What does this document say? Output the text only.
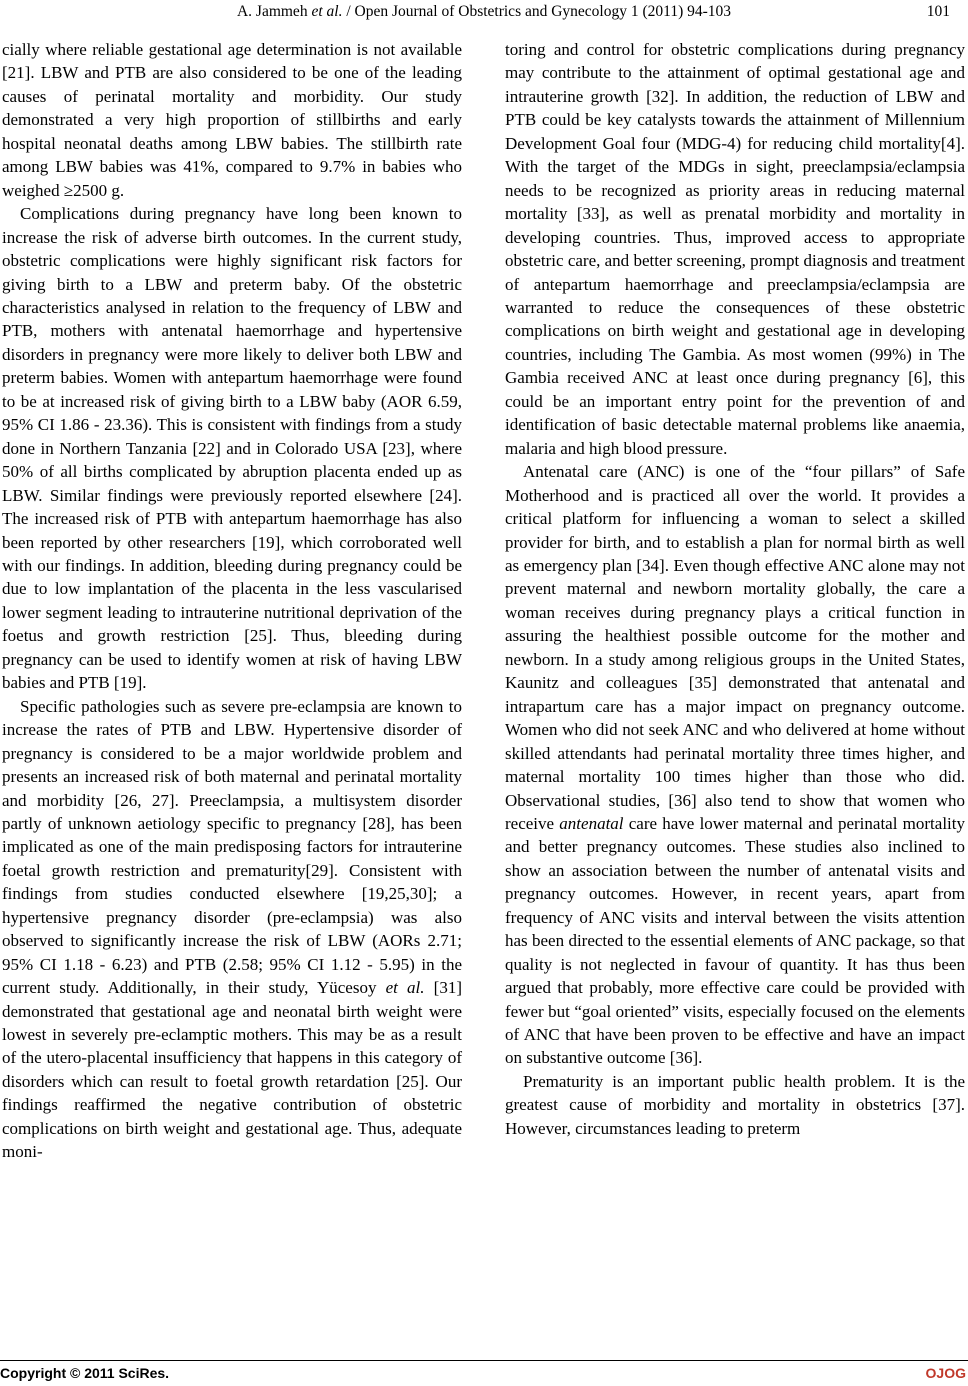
A. Jammeh et al. / Open Journal of Obstetrics and Gynecology 1 (2011) 94-103	101

cially where reliable gestational age determination is not available [21]. LBW and PTB are also considered to be one of the leading causes of perinatal mortality and morbidity. Our study demonstrated a very high proportion of stillbirths and early hospital neonatal deaths among LBW babies. The stillbirth rate among LBW babies was 41%, compared to 9.7% in babies who weighed ≥2500 g.

Complications during pregnancy have long been known to increase the risk of adverse birth outcomes. In the current study, obstetric complications were highly significant risk factors for giving birth to a LBW and preterm baby. Of the obstetric characteristics analysed in relation to the frequency of LBW and PTB, mothers with antenatal haemorrhage and hypertensive disorders in pregnancy were more likely to deliver both LBW and preterm babies. Women with antepartum haemorrhage were found to be at increased risk of giving birth to a LBW baby (AOR 6.59, 95% CI 1.86 - 23.36). This is consistent with findings from a study done in Northern Tanzania [22] and in Colorado USA [23], where 50% of all births complicated by abruption placenta ended up as LBW. Similar findings were previously reported elsewhere [24]. The increased risk of PTB with antepartum haemorrhage has also been reported by other researchers [19], which corroborated well with our findings. In addition, bleeding during pregnancy could be due to low implantation of the placenta in the less vascularised lower segment leading to intrauterine nutritional deprivation of the foetus and growth restriction [25]. Thus, bleeding during pregnancy can be used to identify women at risk of having LBW babies and PTB [19].

Specific pathologies such as severe pre-eclampsia are known to increase the rates of PTB and LBW. Hypertensive disorder of pregnancy is considered to be a major worldwide problem and presents an increased risk of both maternal and perinatal mortality and morbidity [26, 27]. Preeclampsia, a multisystem disorder partly of unknown aetiology specific to pregnancy [28], has been implicated as one of the main predisposing factors for intrauterine foetal growth restriction and prematurity[29]. Consistent with findings from studies conducted elsewhere [19,25,30]; a hypertensive pregnancy disorder (pre-eclampsia) was also observed to significantly increase the risk of LBW (AORs 2.71; 95% CI 1.18 - 6.23) and PTB (2.58; 95% CI 1.12 - 5.95) in the current study. Additionally, in their study, Yücesoy et al. [31] demonstrated that gestational age and neonatal birth weight were lowest in severely pre-eclamptic mothers. This may be as a result of the utero-placental insufficiency that happens in this category of disorders which can result to foetal growth retardation [25]. Our findings reaffirmed the negative contribution of obstetric complications on birth weight and gestational age. Thus, adequate moni-

toring and control for obstetric complications during pregnancy may contribute to the attainment of optimal gestational age and intrauterine growth [32]. In addition, the reduction of LBW and PTB could be key catalysts towards the attainment of Millennium Development Goal four (MDG-4) for reducing child mortality[4]. With the target of the MDGs in sight, preeclampsia/eclampsia needs to be recognized as priority areas in reducing maternal mortality [33], as well as prenatal morbidity and mortality in developing countries. Thus, improved access to appropriate obstetric care, and better screening, prompt diagnosis and treatment of antepartum haemorrhage and preeclampsia/eclampsia are warranted to reduce the consequences of these obstetric complications on birth weight and gestational age in developing countries, including The Gambia. As most women (99%) in The Gambia received ANC at least once during pregnancy [6], this could be an important entry point for the prevention of and identification of basic detectable maternal problems like anaemia, malaria and high blood pressure.

Antenatal care (ANC) is one of the “four pillars” of Safe Motherhood and is practiced all over the world. It provides a critical platform for influencing a woman to select a skilled provider for birth, and to establish a plan for normal birth as well as emergency plan [34]. Even though effective ANC alone may not prevent maternal and newborn mortality globally, the care a woman receives during pregnancy plays a critical function in assuring the healthiest possible outcome for the mother and newborn. In a study among religious groups in the United States, Kaunitz and colleagues [35] demonstrated that antenatal and intrapartum care has a major impact on pregnancy outcome. Women who did not seek ANC and who delivered at home without skilled attendants had perinatal mortality three times higher, and maternal mortality 100 times higher than those who did. Observational studies, [36] also tend to show that women who receive antenatal care have lower maternal and perinatal mortality and better pregnancy outcomes. These studies also inclined to show an association between the number of antenatal visits and pregnancy outcomes. However, in recent years, apart from frequency of ANC visits and interval between the visits attention has been directed to the essential elements of ANC package, so that quality is not neglected in favour of quantity. It has thus been argued that probably, more effective care could be provided with fewer but “goal oriented” visits, especially focused on the elements of ANC that have been proven to be effective and have an impact on substantive outcome [36].

Prematurity is an important public health problem. It is the greatest cause of morbidity and mortality in obstetrics [37]. However, circumstances leading to preterm

Copyright © 2011 SciRes.	OJOG
